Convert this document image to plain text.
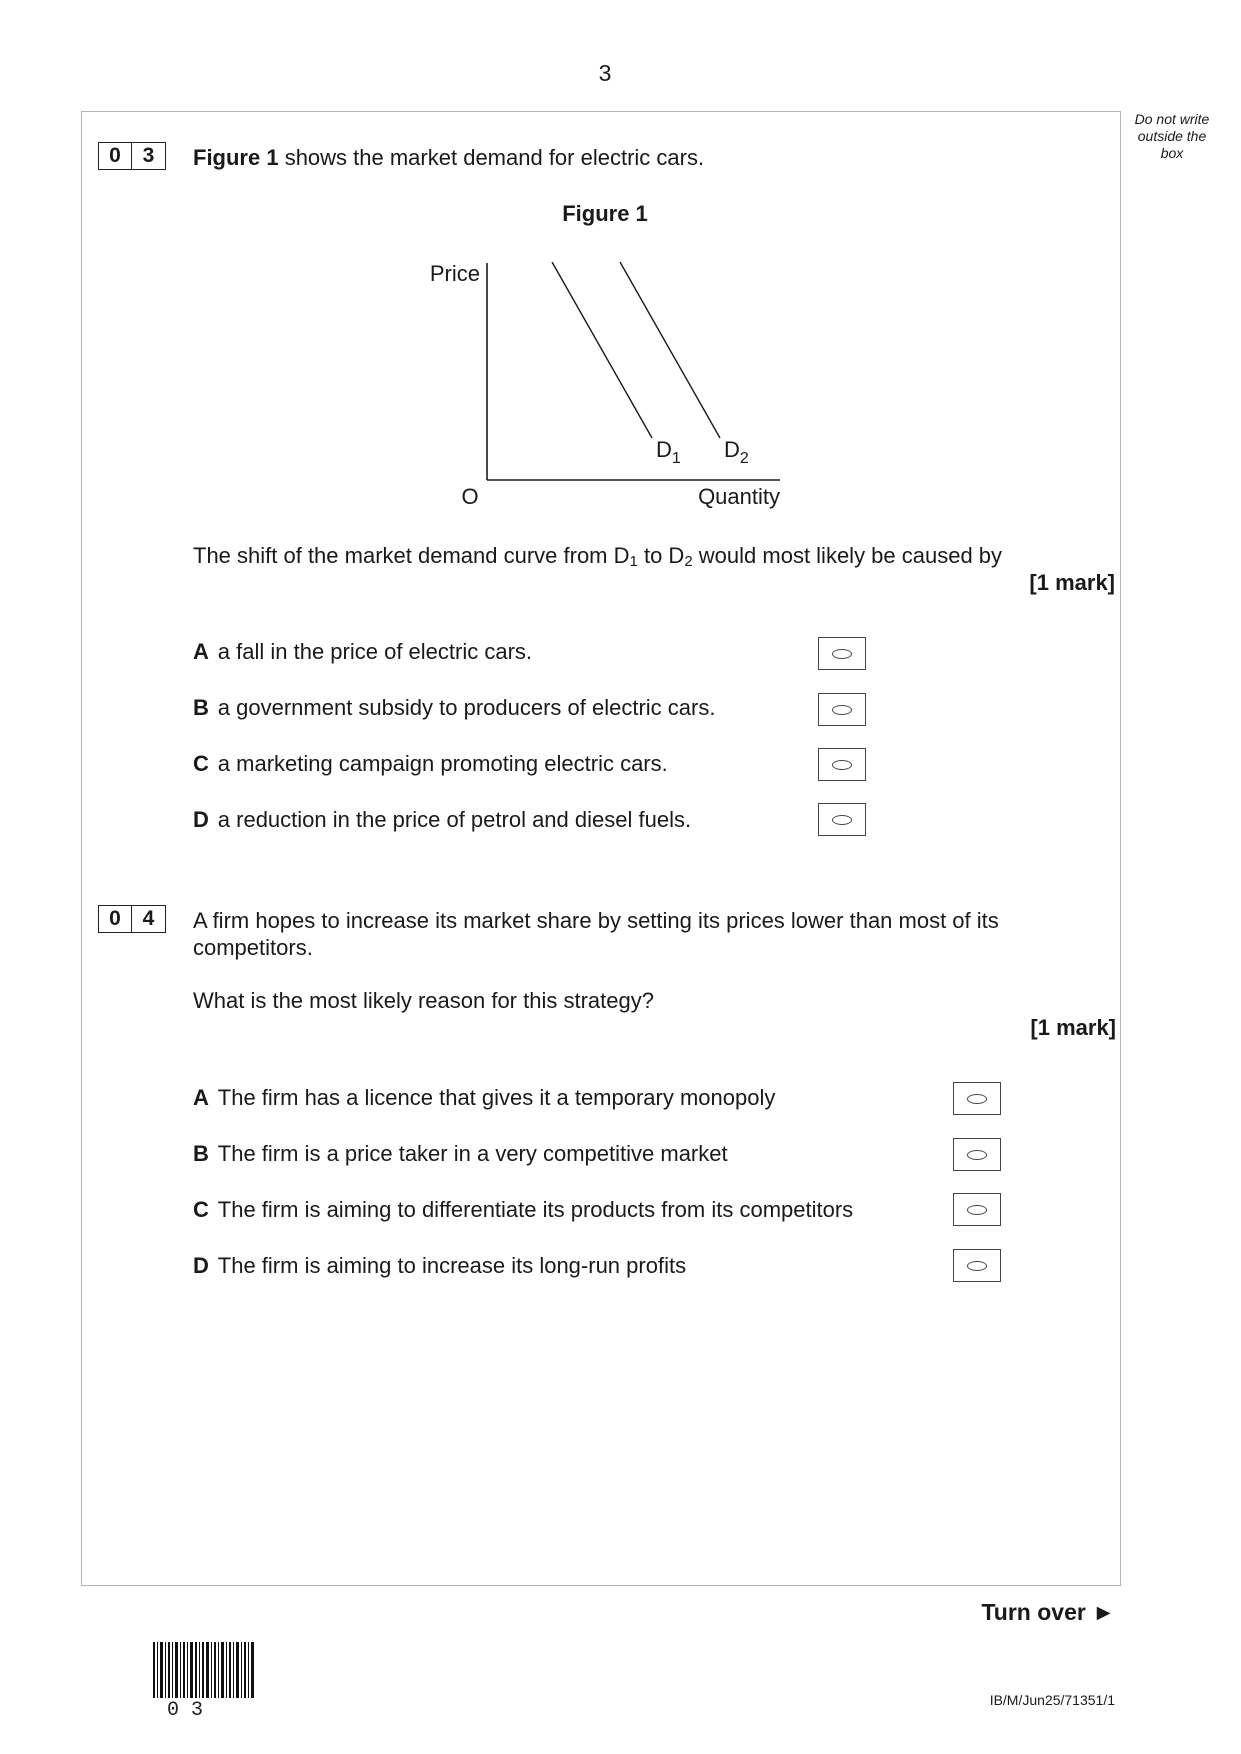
3
Do not write outside the box
0	3	Figure 1 shows the market demand for electric cars.
Figure 1
Price
O	Quantity
$D_1$ $D_2$
The shift of the market demand curve from $D_1$ to $D_2$ would most likely be caused by
[1 mark]
A a fall in the price of electric cars.
B a government subsidy to producers of electric cars.
C a marketing campaign promoting electric cars.
D a reduction in the price of petrol and diesel fuels.
0	4	A firm hopes to increase its market share by setting its prices lower than most of its
competitors.
What is the most likely reason for this strategy?
[1 mark]
A The firm has a licence that gives it a temporary monopoly
B The firm is a price taker in a very competitive market
C The firm is aiming to differentiate its products from its competitors
D The firm is aiming to increase its long-run profits
Turn over ►
0 3	IB/M/Jun25/71351/1
